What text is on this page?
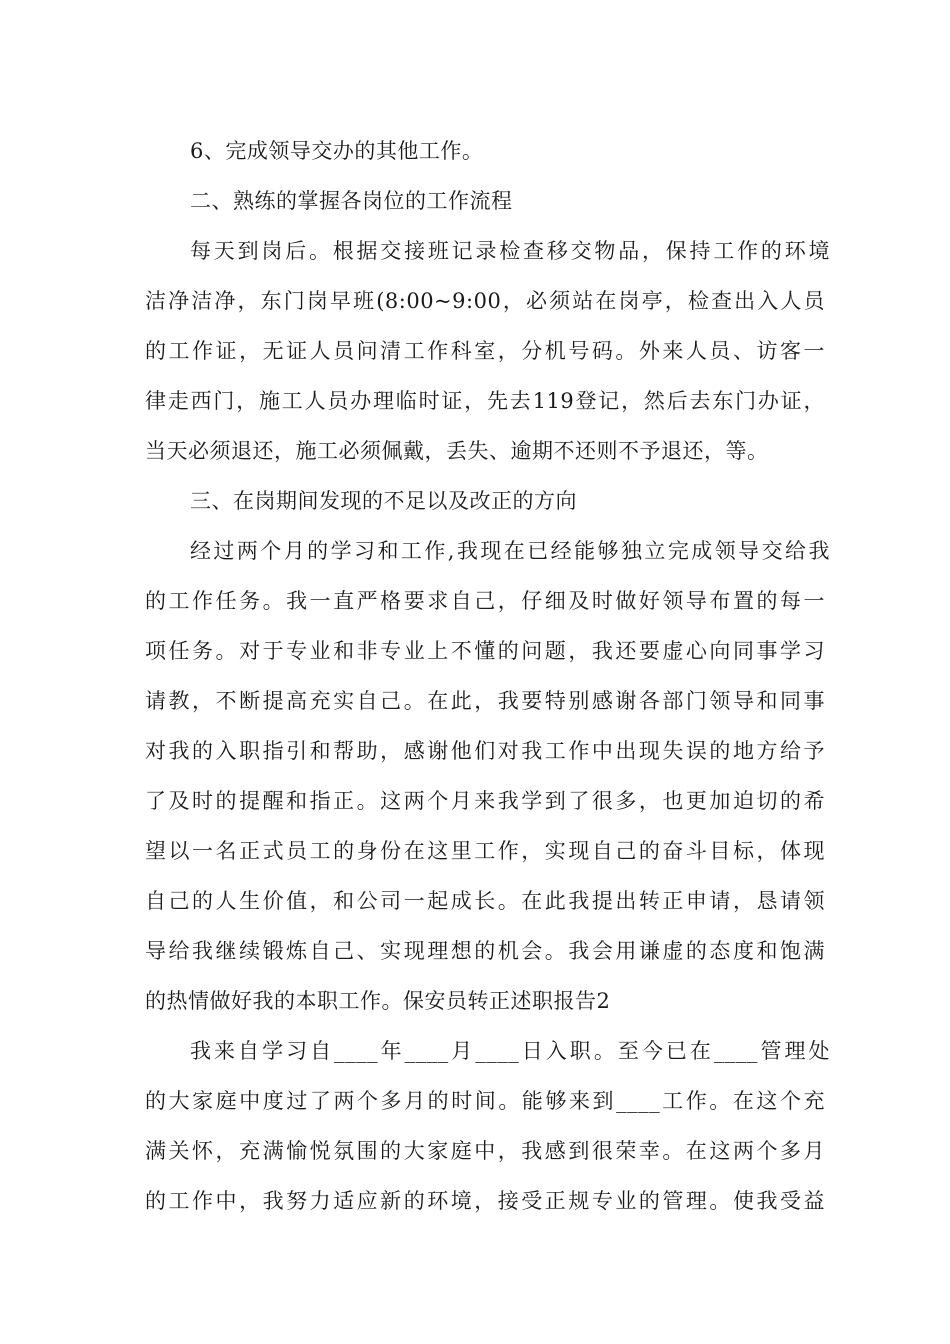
6、完成领导交办的其他工作。
二、熟练的掌握各岗位的工作流程
每天到岗后。根据交接班记录检查移交物品，保持工作的环境
洁净洁净，东门岗早班(8:00~9:00，必须站在岗亭，检查出入人员
的工作证，无证人员问清工作科室，分机号码。外来人员、访客一
律走西门，施工人员办理临时证，先去119登记，然后去东门办证，
当天必须退还，施工必须佩戴，丢失、逾期不还则不予退还，等。
三、在岗期间发现的不足以及改正的方向
经过两个月的学习和工作,我现在已经能够独立完成领导交给我
的工作任务。我一直严格要求自己，仔细及时做好领导布置的每一
项任务。对于专业和非专业上不懂的问题，我还要虚心向同事学习
请教，不断提高充实自己。在此，我要特别感谢各部门领导和同事
对我的入职指引和帮助，感谢他们对我工作中出现失误的地方给予
了及时的提醒和指正。这两个月来我学到了很多，也更加迫切的希
望以一名正式员工的身份在这里工作，实现自己的奋斗目标，体现
自己的人生价值，和公司一起成长。在此我提出转正申请，恳请领
导给我继续锻炼自己、实现理想的机会。我会用谦虚的态度和饱满
的热情做好我的本职工作。保安员转正述职报告2
我来自学习自____年____月____日入职。至今已在____管理处
的大家庭中度过了两个多月的时间。能够来到____工作。在这个充
满关怀，充满愉悦氛围的大家庭中，我感到很荣幸。在这两个多月
的工作中，我努力适应新的环境，接受正规专业的管理。使我受益
